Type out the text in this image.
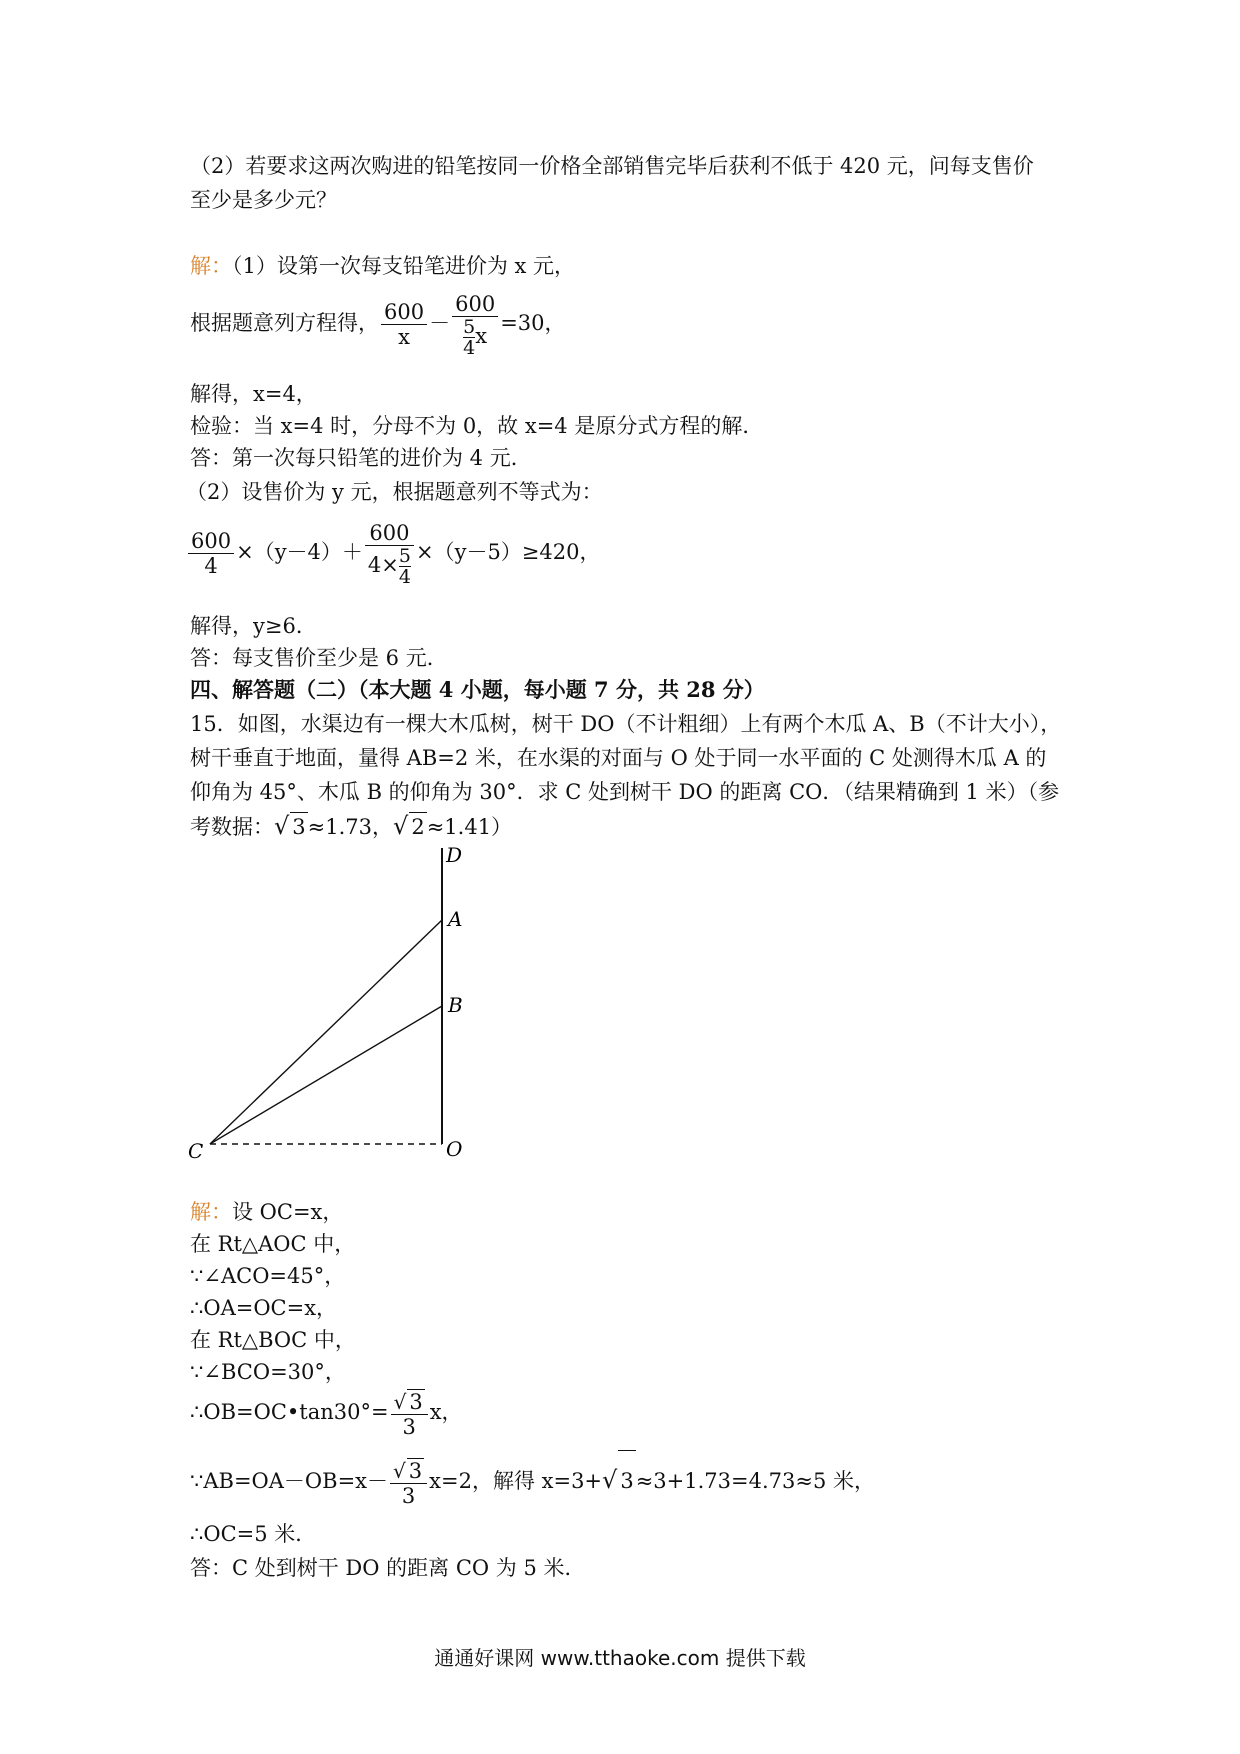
（2）若要求这两次购进的铅笔按同一价格全部销售完毕后获利不低于 420 元，问每支售价
至少是多少元？
解：（1）设第一次每支铅笔进价为 x 元，
根据题意列方程得， $\frac{600}{x} - \frac{600}{\frac{5}{4} x} =30$，
解得，x=4，
检验：当 x=4 时，分母不为 0，故 x=4 是原分式方程的解．
答：第一次每只铅笔的进价为 4 元．
（2）设售价为 y 元，根据题意列不等式为：
$\frac{600}{4} \times(y-4)+ \frac{600}{4\times \frac{5}{4}} \times(y-5)\ge 420$，
解得，y≥6．
答：每支售价至少是 6 元．
四、解答题（二）（本大题 4 小题，每小题 7 分，共 28 分）
15．如图，水渠边有一棵大木瓜树，树干 DO（不计粗细）上有两个木瓜 A、B（不计大小），
树干垂直于地面，量得 AB=2 米，在水渠的对面与 O 处于同一水平面的 C 处测得木瓜 A 的
仰角为 45°、木瓜 B 的仰角为 30°．求 C 处到树干 DO 的距离 CO．（结果精确到 1 米）（参
考数据：√ 3≈1.73，√ 2≈1.41）
D
A
B
C	O
解：设 OC=x，
在 Rt△AOC 中，
∵∠ACO=45°，
∴OA=OC=x，
在 Rt△BOC 中，
∵∠BCO=30°，
∴OB=OC•tan30°= $\frac{√ 3}{3}$ x，
∵AB=OA－OB=x－ $\frac{√ 3}{3} x=2$，解得 x=3+√ 3≈3+1.73=4.73≈5 米，
∴OC=5 米．
答：C 处到树干 DO 的距离 CO 为 5 米．
通通好课网 www.tthaoke.com 提供下载
